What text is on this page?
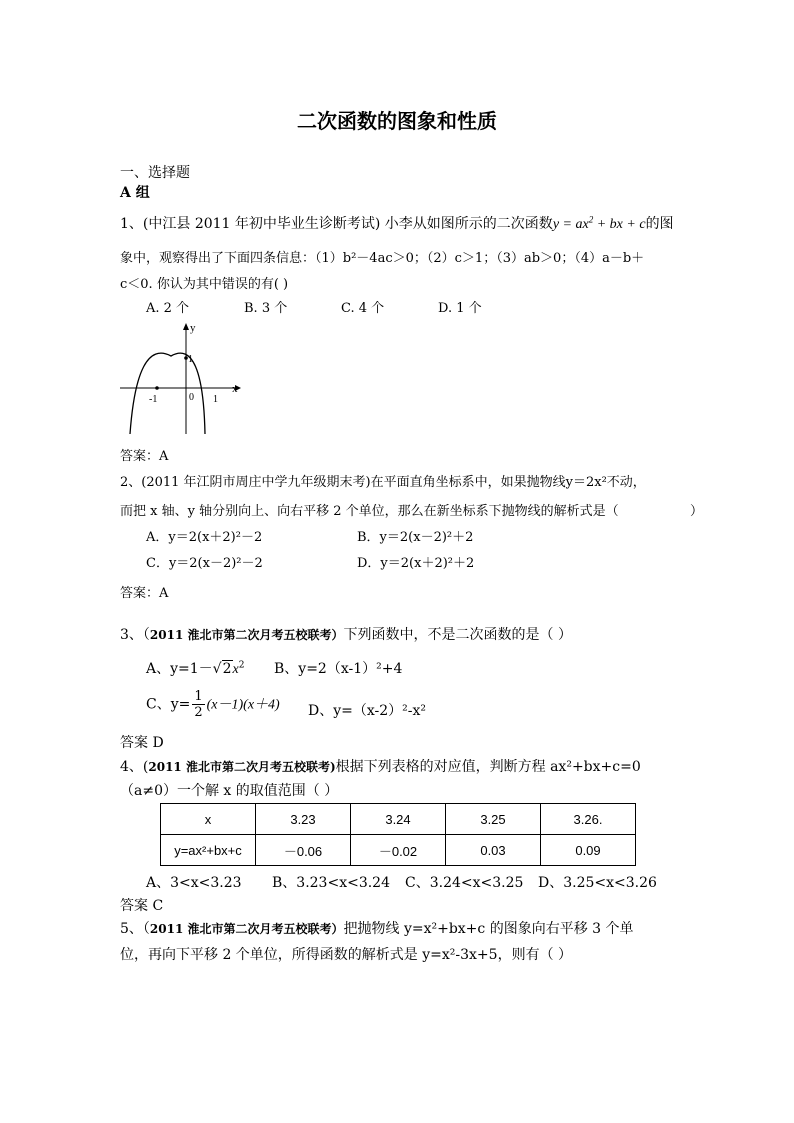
二次函数的图象和性质
一、选择题
A 组
1、(中江县 2011 年初中毕业生诊断考试) 小李从如图所示的二次函数$y = ax^2$ + bx + c的图
象中，观察得出了下面四条信息：（1）b²－4ac＞0；（2）c＞1；（3）ab＞0；（4）a－b＋
c＜0. 你认为其中错误的有( )
A. 2 个	B. 3 个	C. 4 个	D. 1 个
y
x
1
-1	0 1
答案：A
2、(2011 年江阴市周庄中学九年级期末考)在平面直角坐标系中，如果抛物线y＝2x²不动，
而把 x 轴、y 轴分别向上、向右平移 2 个单位，那么在新坐标系下抛物线的解析式是（	）
A．y＝2(x＋2)²－2	B．y＝2(x－2)²＋2
C．y＝2(x－2)²－2	D．y＝2(x＋2)²＋2
答案：A
3、（2011 淮北市第二次月考五校联考）下列函数中，不是二次函数的是（ ）
A、$y=1-√2x^2$ B、y=2（x-1）²+4
C、$y= \frac{1}{2} (x-1)(x+4)$ D、y=（x-2）²-x²
答案 D
4、(2011 淮北市第二次月考五校联考)根据下列表格的对应值，判断方程 ax²+bx+c=0
（a≠0）一个解 x 的取值范围（ ）
x	3.23	3.24	3.25	3.26.
y=ax²+bx+c	－0.06	－0.02	0.03	0.09
A、3<x<3.23 B、3.23<x<3.24 C、3.24<x<3.25 D、3.25<x<3.26
答案 C
5、（2011 淮北市第二次月考五校联考）把抛物线 y=x²+bx+c 的图象向右平移 3 个单
位，再向下平移 2 个单位，所得函数的解析式是 y=x²-3x+5，则有（ ）
